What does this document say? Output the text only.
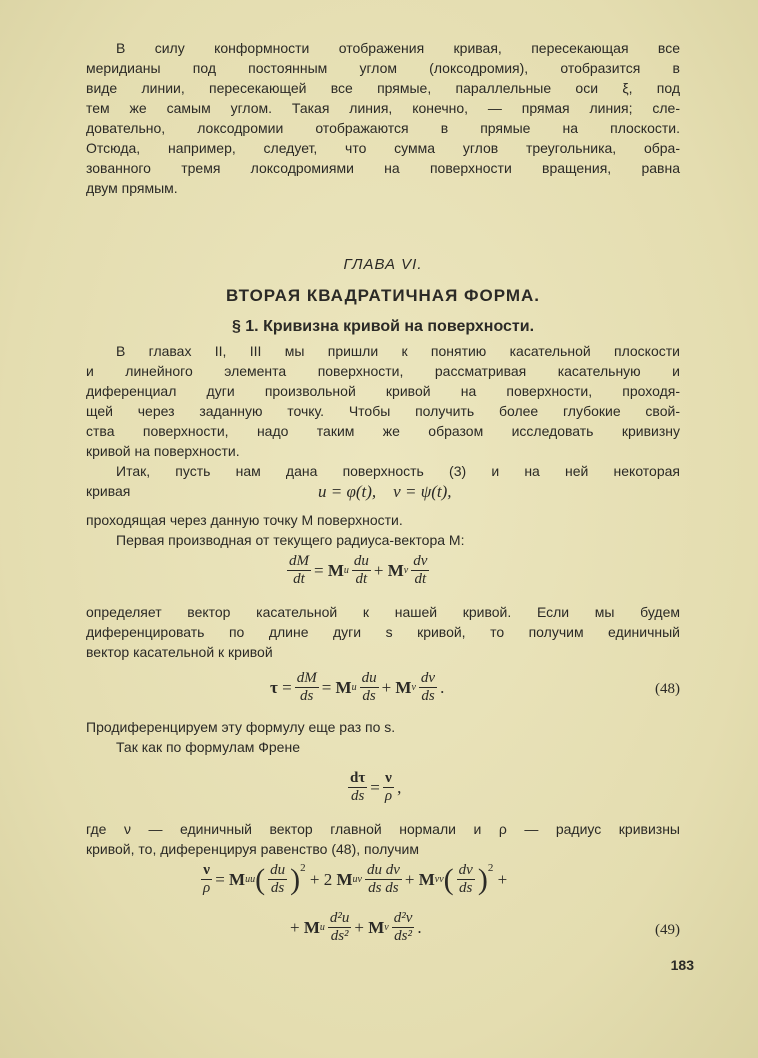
В силу конформности отображения кривая, пересекающая все
меридианы под постоянным углом (локсодромия), отобразится в
виде линии, пересекающей все прямые, параллельные оси ξ, под
тем же самым углом. Такая линия, конечно, — прямая линия; сле-
довательно, локсодромии отображаются в прямые на плоскости.
Отсюда, например, следует, что сумма углов треугольника, обра-
зованного тремя локсодромиями на поверхности вращения, равна
двум прямым.
ГЛАВА VI.
ВТОРАЯ КВАДРАТИЧНАЯ ФОРМА.
§ 1. Кривизна кривой на поверхности.
В главах II, III мы пришли к понятию касательной плоскости
и линейного элемента поверхности, рассматривая касательную и
диференциал дуги произвольной кривой на поверхности, проходя-
щей через заданную точку. Чтобы получить более глубокие свой-
ства поверхности, надо таким же образом исследовать кривизну
кривой на поверхности.
Итак, пусть нам дана поверхность (3) и на ней некоторая
кривая	u = φ(t),    v = ψ(t),
проходящая через данную точку M поверхности.
Первая производная от текущего радиуса-вектора M:
$\frac{dM}{dt}$ =
M u
du
dt +
M v
dv
dt
определяет вектор касательной к нашей кривой. Если мы будем
диференцировать по длине дуги s кривой, то получим единичный
вектор касательной к кривой
τ
= $\frac{dM}{ds}$ =
M u
du
ds +
M v
dv
ds .	(48)
Продиференцируем эту формулу еще раз по s.
Так как по формулам Френе
$\frac{d\tau}{ds} = \frac{\nu}{\rho}$ ,
где ν — единичный вектор главной нормали и ρ — радиус кривизны
кривой, то, диференцируя равенство (48), получим
$\frac{\nu}{\rho}$ =
M uu ( du
ds )$^2$

+
2
M uv
du dv
ds ds +
M vv ( dv
ds )$^2$

+
+
M u
d²u
ds² +
M v
d²v
ds² .	(49)
183
